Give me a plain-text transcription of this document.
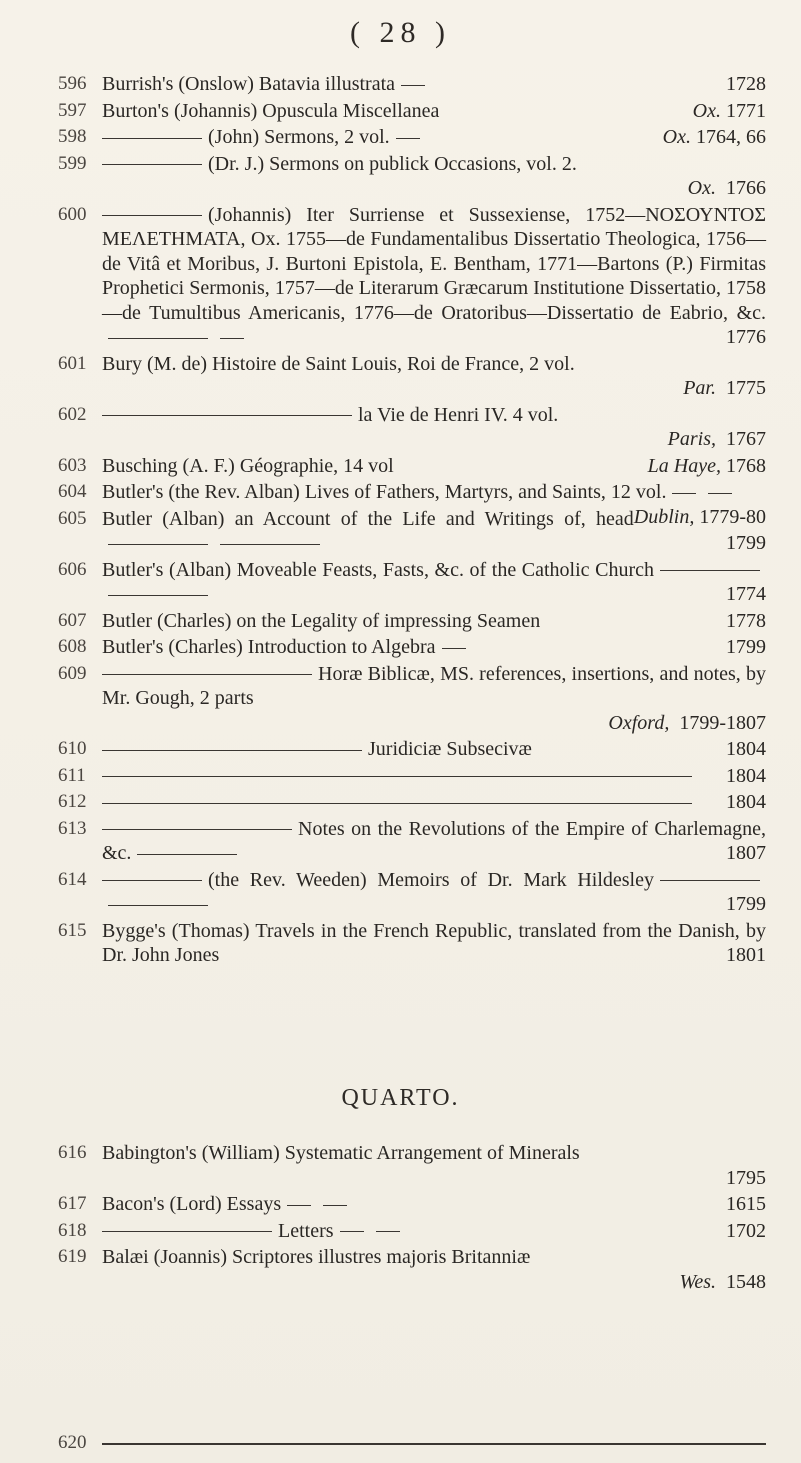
( 28 )
596 Burrish's (Onslow) Batavia illustrata	1728
597 Burton's (Johannis) Opuscula Miscellanea	Ox. 1771
598	(John) Sermons, 2 vol.	Ox. 1764, 66
599	(Dr. J.) Sermons on publick Occasions, vol. 2.
Ox. 1766
600	(Johannis) Iter Surriense et Sussexiense, 1752—ΝΟΣΟΥΝΤΟΣ ΜΕΛΕΤΗΜΑΤΑ, Ox. 1755—de Fundamentalibus Dissertatio Theologica, 1756—de Vitâ et Moribus, J. Burtoni Epistola, E. Bentham, 1771—Bartons (P.) Firmitas Prophetici Sermonis, 1757—de Literarum Græcarum Institutione Dissertatio, 1758—de Tumultibus Americanis, 1776—de Oratoribus—Dissertatio de Eabrio, &c.
1776
601 Bury (M. de) Histoire de Saint Louis, Roi de France, 2 vol.
Par. 1775
602	la Vie de Henri IV. 4 vol.
Paris, 1767
603 Busching (A. F.) Géographie, 14 vol	La Haye, 1768
604 Butler's (the Rev. Alban) Lives of Fathers, Martyrs, and Saints, 12 vol.
Dublin, 1779-80
605 Butler (Alban) an Account of the Life and Writings of, head
1799
606 Butler's (Alban) Moveable Feasts, Fasts, &c. of the Catholic Church
1774
607 Butler (Charles) on the Legality of impressing Seamen	1778
608 Butler's (Charles) Introduction to Algebra	1799
609	Horæ Biblicæ, MS. references, insertions, and notes, by Mr. Gough, 2 parts
Oxford, 1799-1807
610	Juridiciæ Subsecivæ	1804
611	1804
612	1804
613	Notes on the Revolutions of the Empire of Charlemagne, &c.	1807
614	(the Rev. Weeden) Memoirs of Dr. Mark Hildesley
1799
615 Bygge's (Thomas) Travels in the French Republic, translated from the Danish, by Dr. John Jones	1801
QUARTO.
616 Babington's (William) Systematic Arrangement of Minerals
1795
617 Bacon's (Lord) Essays	1615
618	Letters	1702
619 Balæi (Joannis) Scriptores illustres majoris Britanniæ
Wes. 1548
620
